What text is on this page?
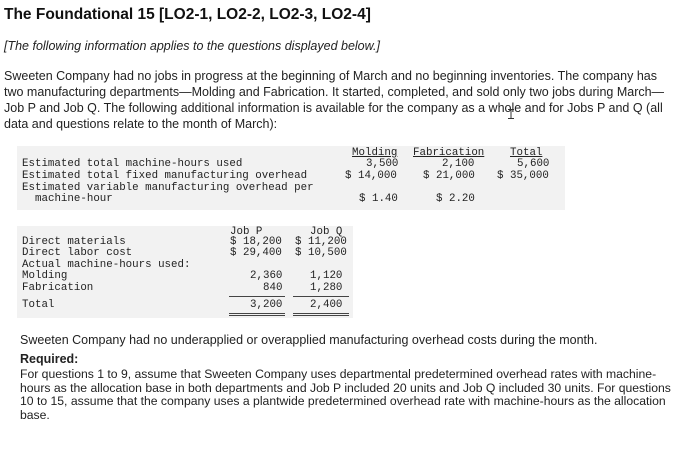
The Foundational 15 [LO2-1, LO2-2, LO2-3, LO2-4]
[The following information applies to the questions displayed below.]
Sweeten Company had no jobs in progress at the beginning of March and no beginning inventories. The company has
two manufacturing departments—Molding and Fabrication. It started, completed, and sold only two jobs during March—
Job P and Job Q. The following additional information is available for the company as a whole and for Jobs P and Q (all
data and questions relate to the month of March):
Molding Fabrication Total
Estimated total machine-hours used	3,500	2,100	5,600
Estimated total fixed manufacturing overhead	$ 14,000 $ 21,000 $ 35,000
Estimated variable manufacturing overhead per
machine-hour	$ 1.40	$ 2.20
Job P	Job Q
Direct materials	$ 18,200 $ 11,200
Direct labor cost	$ 29,400 $ 10,500
Actual machine-hours used:
Molding	2,360	1,120
Fabrication	840	1,280
Total	3,200	2,400
Sweeten Company had no underapplied or overapplied manufacturing overhead costs during the month.
Required:
For questions 1 to 9, assume that Sweeten Company uses departmental predetermined overhead rates with machine-
hours as the allocation base in both departments and Job P included 20 units and Job Q included 30 units. For questions
10 to 15, assume that the company uses a plantwide predetermined overhead rate with machine-hours as the allocation
base.
